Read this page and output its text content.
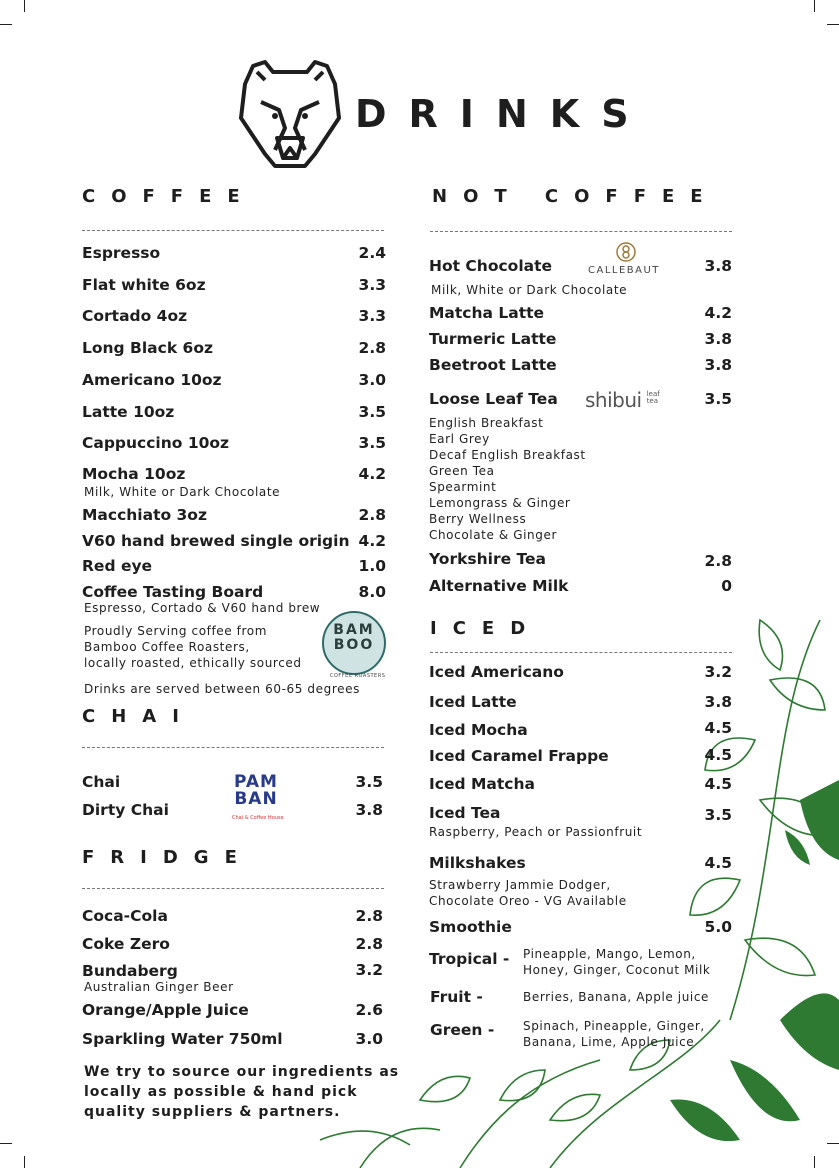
DRINKS
COFFEE
Espresso	2.4
Flat white 6oz	3.3
Cortado 4oz	3.3
Long Black 6oz	2.8
Americano 10oz	3.0
Latte 10oz	3.5
Cappuccino 10oz	3.5
Mocha 10oz	4.2
Milk, White or Dark Chocolate
Macchiato 3oz	2.8
V60 hand brewed single origin 4.2
Red eye	1.0
Coffee Tasting Board	8.0
Espresso, Cortado & V60 hand brew
Proudly Serving coffee from
Bamboo Coffee Roasters,
locally roasted, ethically sourced
BAM
BOO
COFFEE ROASTERS
Drinks are served between 60-65 degrees
CHAI
Chai	3.5
Dirty Chai	3.8
PAM
BAN
Chai & Coffee House
FRIDGE
Coca-Cola	2.8
Coke Zero	2.8
Bundaberg	3.2
Australian Ginger Beer
Orange/Apple Juice	2.6
Sparkling Water 750ml	3.0
We try to source our ingredients as locally as possible & hand pick quality suppliers & partners.
NOT COFFEE
Hot Chocolate	3.8
Milk, White or Dark Chocolate
CALLEBAUT
Matcha Latte	4.2
Turmeric Latte	3.8
Beetroot Latte	3.8
Loose Leaf Tea	3.5
shibui leaf
tea
English Breakfast
Earl Grey
Decaf English Breakfast
Green Tea
Spearmint
Lemongrass & Ginger
Berry Wellness
Chocolate & Ginger
Yorkshire Tea	2.8
Alternative Milk	0
ICED
Iced Americano	3.2
Iced Latte	3.8
Iced Mocha	4.5
Iced Caramel Frappe	4.5
Iced Matcha	4.5
Iced Tea	3.5
Raspberry, Peach or Passionfruit
Milkshakes	4.5
Strawberry Jammie Dodger,
Chocolate Oreo - VG Available
Smoothie	5.0
Tropical - Pineapple, Mango, Lemon,
Honey, Ginger, Coconut Milk
Fruit -	Berries, Banana, Apple juice
Green - Spinach, Pineapple, Ginger,
Banana, Lime, Apple Juice
